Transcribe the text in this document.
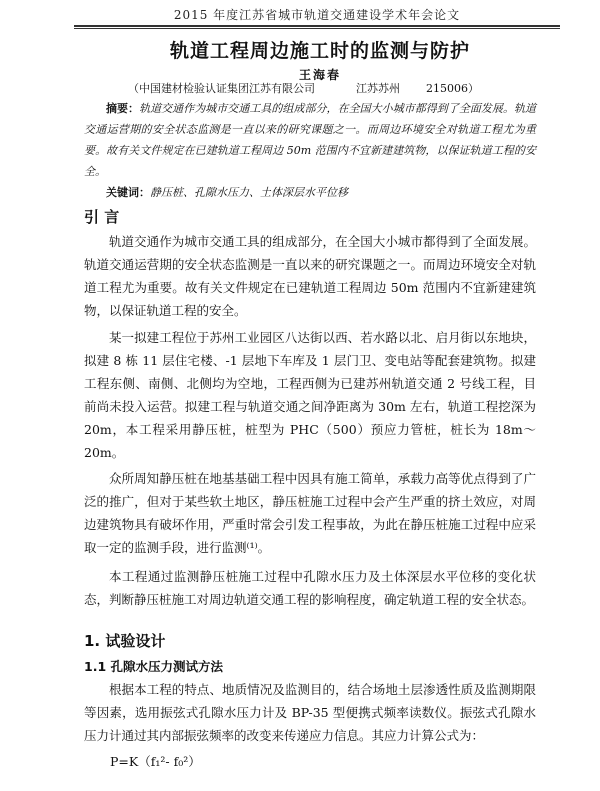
2015 年度江苏省城市轨道交通建设学术年会论文
轨道工程周边施工时的监测与防护
王海春
（中国建材检验认证集团江苏有限公司	江苏苏州 215006）

摘要：轨道交通作为城市交通工具的组成部分，在全国大小城市都得到了全面发展。轨道交通运营期的安全状态监测是一直以来的研究课题之一。而周边环境安全对轨道工程尤为重要。故有关文件规定在已建轨道工程周边 50m 范围内不宜新建建筑物，以保证轨道工程的安全。

关键词：静压桩、孔隙水压力、土体深层水平位移
引 言

轨道交通作为城市交通工具的组成部分，在全国大小城市都得到了全面发展。轨道交通运营期的安全状态监测是一直以来的研究课题之一。而周边环境安全对轨道工程尤为重要。故有关文件规定在已建轨道工程周边 50m 范围内不宜新建建筑物，以保证轨道工程的安全。

某一拟建工程位于苏州工业园区八达街以西、若水路以北、启月街以东地块，拟建 8 栋 11 层住宅楼、-1 层地下车库及 1 层门卫、变电站等配套建筑物。拟建工程东侧、南侧、北侧均为空地，工程西侧为已建苏州轨道交通 2 号线工程，目前尚未投入运营。拟建工程与轨道交通之间净距离为 30m 左右，轨道工程挖深为 20m，本工程采用静压桩，桩型为 PHC（500）预应力管桩，桩长为 18m～20m。

众所周知静压桩在地基基础工程中因具有施工简单，承载力高等优点得到了广泛的推广，但对于某些软土地区，静压桩施工过程中会产生严重的挤土效应，对周边建筑物具有破坏作用，严重时常会引发工程事故，为此在静压桩施工过程中应采取一定的监测手段，进行监测⁽¹⁾。

本工程通过监测静压桩施工过程中孔隙水压力及土体深层水平位移的变化状态，判断静压桩施工对周边轨道交通工程的影响程度，确定轨道工程的安全状态。

1. 试验设计
1.1 孔隙水压力测试方法

根据本工程的特点、地质情况及监测目的，结合场地土层渗透性质及监测期限等因素，选用振弦式孔隙水压力计及 BP-35 型便携式频率读数仪。振弦式孔隙水压力计通过其内部振弦频率的改变来传递应力信息。其应力计算公式为：

P=K（f₁²- f₀²）
